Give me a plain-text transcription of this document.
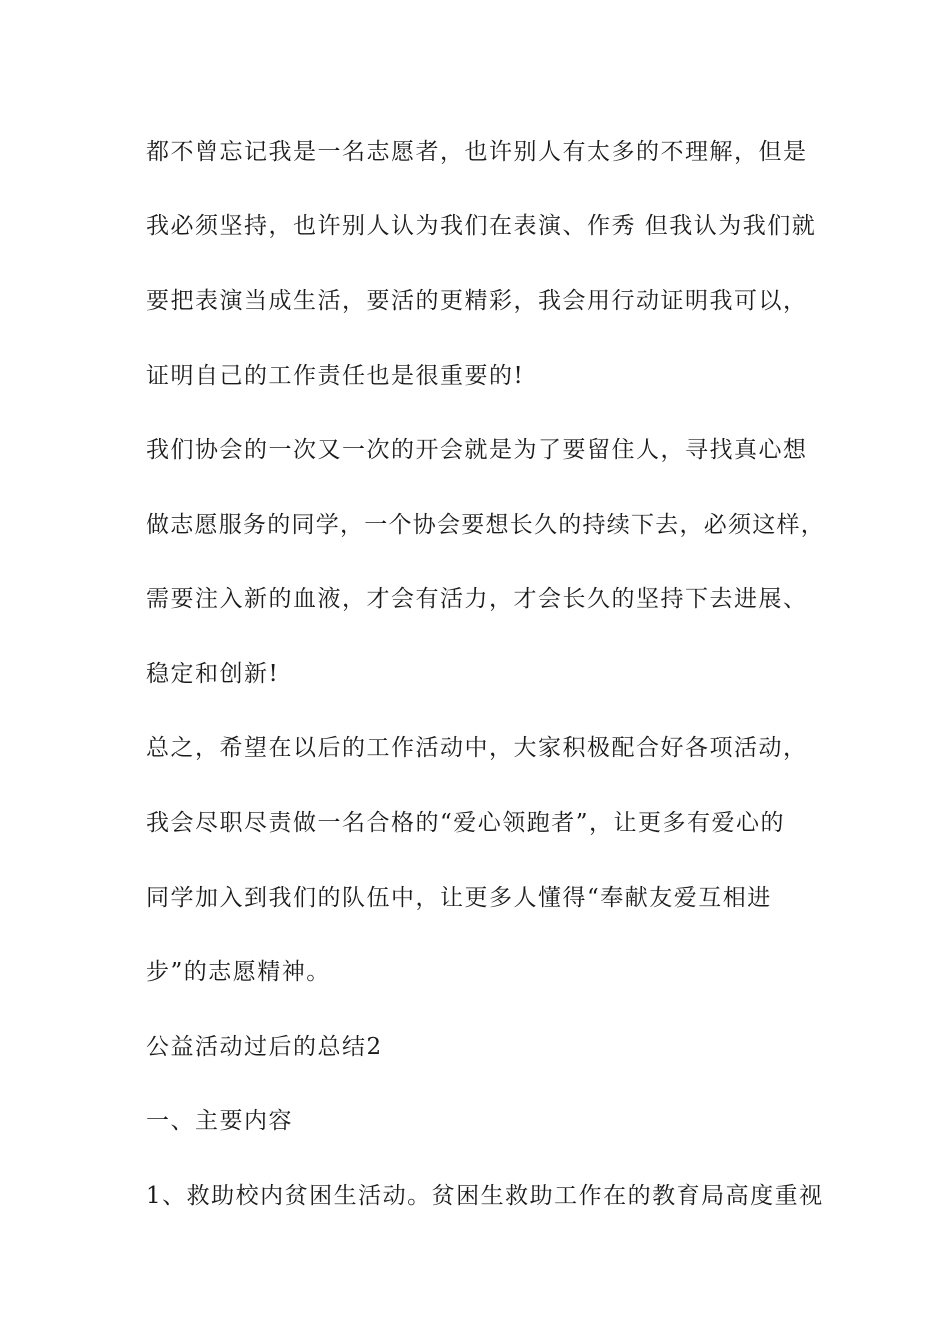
都不曾忘记我是一名志愿者，也许别人有太多的不理解，但是

我必须坚持，也许别人认为我们在表演、作秀 但我认为我们就

要把表演当成生活，要活的更精彩，我会用行动证明我可以，

证明自己的工作责任也是很重要的!

我们协会的一次又一次的开会就是为了要留住人，寻找真心想

做志愿服务的同学，一个协会要想长久的持续下去，必须这样，

需要注入新的血液，才会有活力，才会长久的坚持下去进展、

稳定和创新!

总之，希望在以后的工作活动中，大家积极配合好各项活动，

我会尽职尽责做一名合格的“爱心领跑者”，让更多有爱心的

同学加入到我们的队伍中，让更多人懂得“奉献友爱互相进

步”的志愿精神。

公益活动过后的总结2

一、主要内容

1、救助校内贫困生活动。贫困生救助工作在的教育局高度重视
